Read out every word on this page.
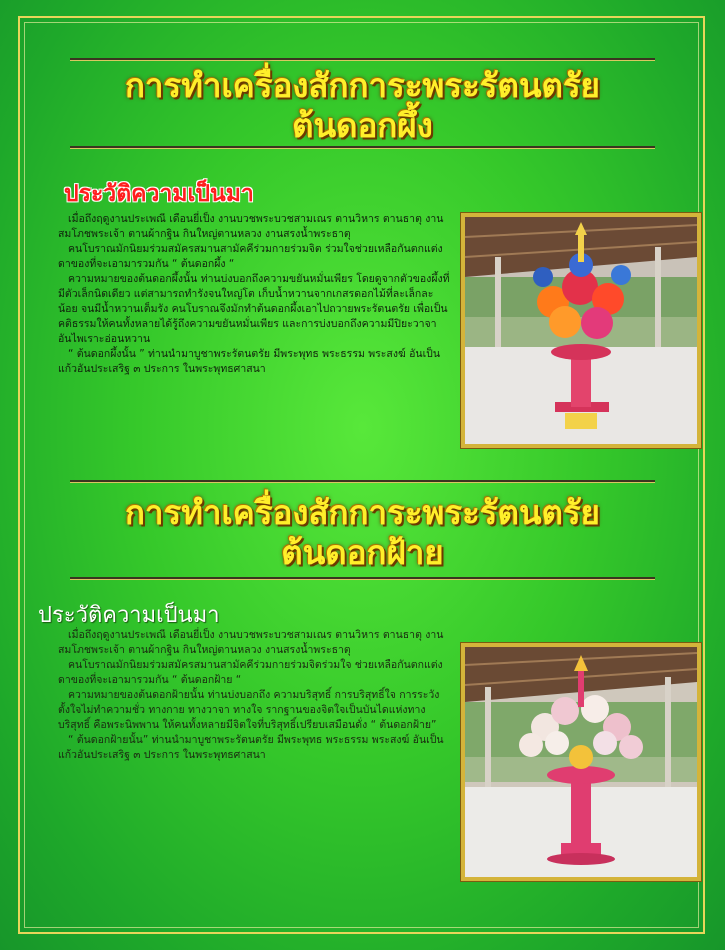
การทำเครื่องสักการะพระรัตนตรัย
ต้นดอกผึ้ง
ประวัติความเป็นมา

เมื่อถึงฤดูงานประเพณี เดือนยี่เป็ง งานบวชพระบวชสามเณร ตานวิหาร ตานธาตุ งานสมโภชพระเจ้า ตานผ้ากฐิน กินใหญ่ตานหลวง งานสรงน้ำพระธาตุ

คนโบราณมักนิยมร่วมสมัครสมานสามัคคีร่วมกายร่วมจิต ร่วมใจช่วยเหลือกันตกแต่งดาของที่จะเอามารวมกัน “ ต้นดอกผึ้ง “

ความหมายของต้นดอกผึ้งนั้น ท่านบ่งบอกถึงความขยันหมั่นเพียร โดยดูจากตัวของผึ้งที่มีตัวเล็กนิดเดียว แต่สามารถทำรังจนใหญ่โต เก็บน้ำหวานจากเกสรดอกไม้ที่ละเล็กละน้อย จนมีน้ำหวานเต็มรัง คนโบราณจึงมักทำต้นดอกผึ้งเอาไปถวายพระรัตนตรัย เพื่อเป็นคติธรรมให้คนทั้งหลายได้รู้ถึงความขยันหมั่นเพียร และการบ่งบอกถึงความมีปิยะวาจาอันไพเราะอ่อนหวาน

“ ต้นดอกผึ้งนั้น ” ท่านนำมาบูชาพระรัตนตรัย มีพระพุทธ พระธรรม พระสงฆ์ อันเป็นแก้วอันประเสริฐ ๓ ประการ ในพระพุทธศาสนา

การทำเครื่องสักการะพระรัตนตรัย
ต้นดอกฝ้าย
ประวัติความเป็นมา

เมื่อถึงฤดูงานประเพณี เดือนยี่เป็ง งานบวชพระบวชสามเณร ตานวิหาร ตานธาตุ งานสมโภชพระเจ้า ตานผ้ากฐิน กินใหญ่ตานหลวง งานสรงน้ำพระธาตุ

คนโบราณมักนิยมร่วมสมัครสมานสามัคคีร่วมกายร่วมจิตร่วมใจ ช่วยเหลือกันตกแต่งดาของที่จะเอามารวมกัน “ ต้นดอกฝ้าย “

ความหมายของต้นดอกฝ้ายนั้น ท่านบ่งบอกถึง ความบริสุทธิ์ การบริสุทธิ์ใจ การระวังตั้งใจไม่ทำความชั่ว ทางกาย ทางวาจา ทางใจ รากฐานของจิตใจเป็นบันไดแห่งทางบริสุทธิ์ คือพระนิพพาน ให้คนทั้งหลายมีจิตใจที่บริสุทธิ์เปรียบเสมือนดั่ง “ ต้นดอกฝ้าย”

“ ต้นดอกฝ้ายนั้น” ท่านนำมาบูชาพระรัตนตรัย มีพระพุทธ พระธรรม พระสงฆ์ อันเป็นแก้วอันประเสริฐ ๓ ประการ ในพระพุทธศาสนา
